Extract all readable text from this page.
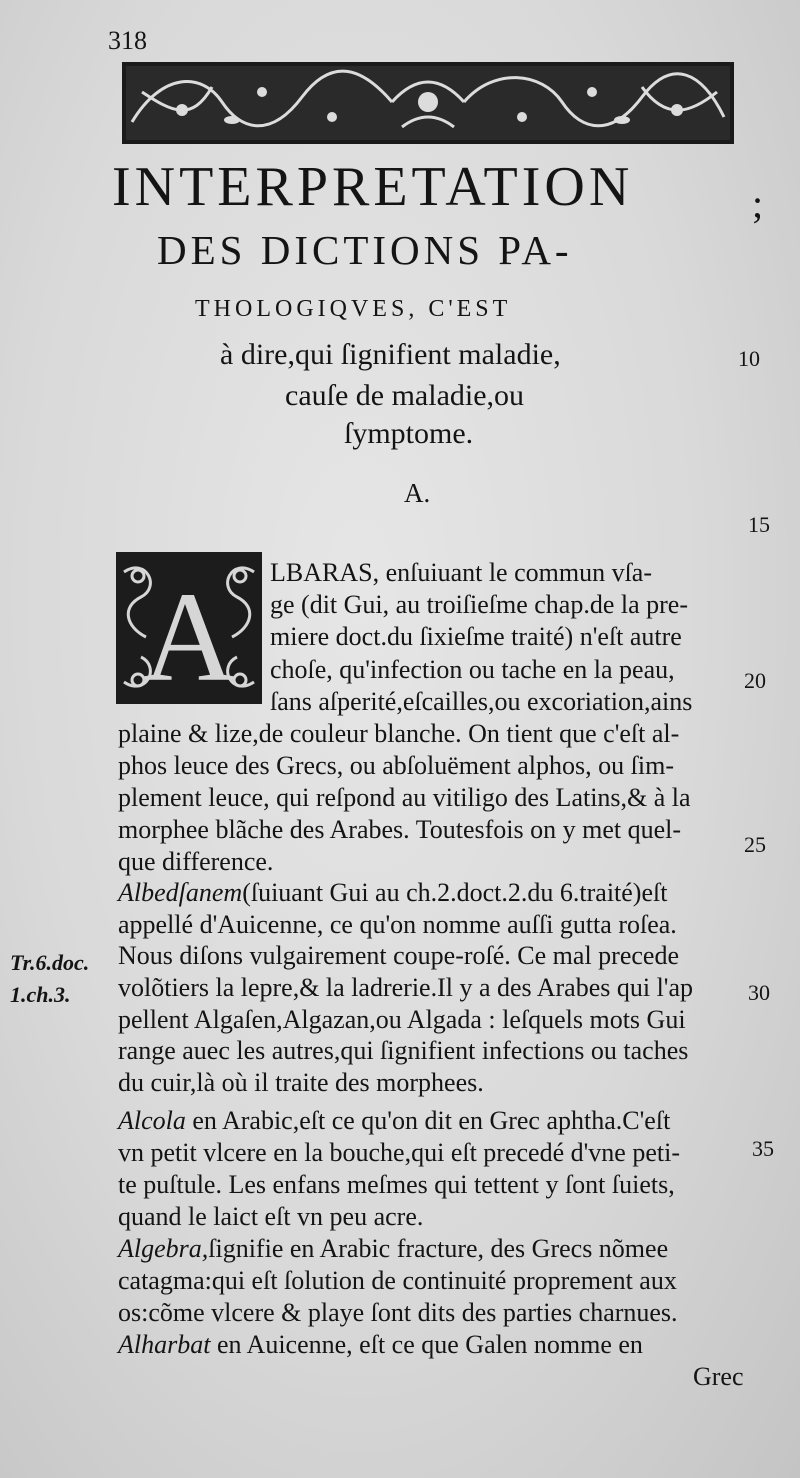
318
INTERPRETATION	;
DES DICTIONS PA-
THOLOGIQVES, C'EST
à dire,qui ſignifient maladie,
cauſe de maladie,ou
ſymptome.
A.
A LBARAS, enſuiuant le commun vſa-
ge (dit Gui, au troiſieſme chap.de la pre-
miere doct.du ſixieſme traité) n'eſt autre
choſe, qu'infection ou tache en la peau,
ſans aſperité,eſcailles,ou excoriation,ains
plaine & lize,de couleur blanche. On tient que c'eſt al-
phos leuce des Grecs, ou abſoluëment alphos, ou ſim-
plement leuce, qui reſpond au vitiligo des Latins,& à la
morphee blãche des Arabes. Toutesfois on y met quel-
que difference.
Albedſanem(ſuiuant Gui au ch.2.doct.2.du 6.traité)eſt
appellé d'Auicenne, ce qu'on nomme auſſi gutta roſea.
Nous diſons vulgairement coupe-roſé. Ce mal precede
volõtiers la lepre,& la ladrerie.Il y a des Arabes qui l'ap
pellent Algaſen,Algazan,ou Algada : leſquels mots Gui
range auec les autres,qui ſignifient infections ou taches
du cuir,là où il traite des morphees.
Alcola en Arabic,eſt ce qu'on dit en Grec aphtha.C'eſt
vn petit vlcere en la bouche,qui eſt precedé d'vne peti-
te puſtule. Les enfans meſmes qui tettent y ſont ſuiets,
quand le laict eſt vn peu acre.
Algebra,ſignifie en Arabic fracture, des Grecs nõmee
catagma:qui eſt ſolution de continuité proprement aux
os:cõme vlcere & playe ſont dits des parties charnues.
Alharbat en Auicenne, eſt ce que Galen nomme en
Grec
10
15
20
25
30
35
Tr.6.doc.
1.ch.3.
